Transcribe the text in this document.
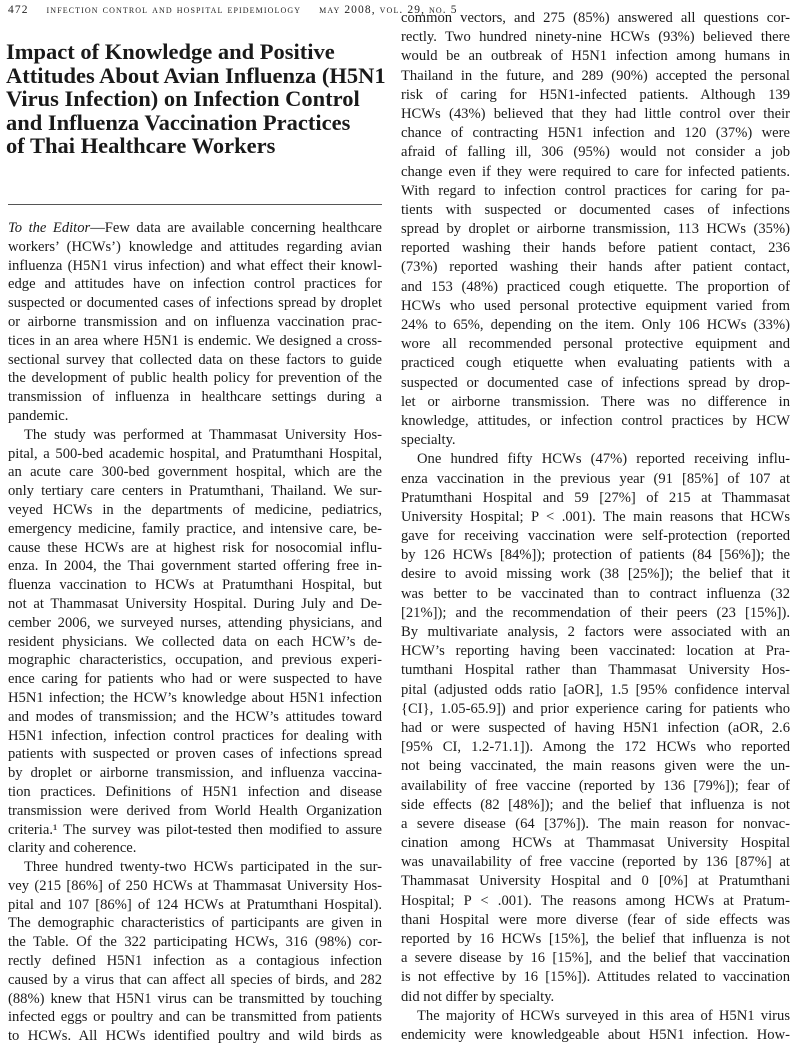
472 infection control and hospital epidemiology may 2008, vol. 29, no. 5
Impact of Knowledge and Positive
Attitudes About Avian Influenza (H5N1
Virus Infection) on Infection Control
and Influenza Vaccination Practices
of Thai Healthcare Workers
To the Editor—Few data are available concerning healthcare
workers’ (HCWs’) knowledge and attitudes regarding avian
influenza (H5N1 virus infection) and what effect their knowl-
edge and attitudes have on infection control practices for
suspected or documented cases of infections spread by droplet
or airborne transmission and on influenza vaccination prac-
tices in an area where H5N1 is endemic. We designed a cross-
sectional survey that collected data on these factors to guide
the development of public health policy for prevention of the
transmission of influenza in healthcare settings during a
pandemic.
The study was performed at Thammasat University Hos-
pital, a 500-bed academic hospital, and Pratumthani Hospital,
an acute care 300-bed government hospital, which are the
only tertiary care centers in Pratumthani, Thailand. We sur-
veyed HCWs in the departments of medicine, pediatrics,
emergency medicine, family practice, and intensive care, be-
cause these HCWs are at highest risk for nosocomial influ-
enza. In 2004, the Thai government started offering free in-
fluenza vaccination to HCWs at Pratumthani Hospital, but
not at Thammasat University Hospital. During July and De-
cember 2006, we surveyed nurses, attending physicians, and
resident physicians. We collected data on each HCW’s de-
mographic characteristics, occupation, and previous experi-
ence caring for patients who had or were suspected to have
H5N1 infection; the HCW’s knowledge about H5N1 infection
and modes of transmission; and the HCW’s attitudes toward
H5N1 infection, infection control practices for dealing with
patients with suspected or proven cases of infections spread
by droplet or airborne transmission, and influenza vaccina-
tion practices. Definitions of H5N1 infection and disease
transmission were derived from World Health Organization
criteria.¹ The survey was pilot-tested then modified to assure
clarity and coherence.
Three hundred twenty-two HCWs participated in the sur-
vey (215 [86%] of 250 HCWs at Thammasat University Hos-
pital and 107 [86%] of 124 HCWs at Pratumthani Hospital).
The demographic characteristics of participants are given in
the Table. Of the 322 participating HCWs, 316 (98%) cor-
rectly defined H5N1 infection as a contagious infection
caused by a virus that can affect all species of birds, and 282
(88%) knew that H5N1 virus can be transmitted by touching
infected eggs or poultry and can be transmitted from patients
to HCWs. All HCWs identified poultry and wild birds as
common vectors, and 275 (85%) answered all questions cor-
rectly. Two hundred ninety-nine HCWs (93%) believed there
would be an outbreak of H5N1 infection among humans in
Thailand in the future, and 289 (90%) accepted the personal
risk of caring for H5N1-infected patients. Although 139
HCWs (43%) believed that they had little control over their
chance of contracting H5N1 infection and 120 (37%) were
afraid of falling ill, 306 (95%) would not consider a job
change even if they were required to care for infected patients.
With regard to infection control practices for caring for pa-
tients with suspected or documented cases of infections
spread by droplet or airborne transmission, 113 HCWs (35%)
reported washing their hands before patient contact, 236
(73%) reported washing their hands after patient contact,
and 153 (48%) practiced cough etiquette. The proportion of
HCWs who used personal protective equipment varied from
24% to 65%, depending on the item. Only 106 HCWs (33%)
wore all recommended personal protective equipment and
practiced cough etiquette when evaluating patients with a
suspected or documented case of infections spread by drop-
let or airborne transmission. There was no difference in
knowledge, attitudes, or infection control practices by HCW
specialty.
One hundred fifty HCWs (47%) reported receiving influ-
enza vaccination in the previous year (91 [85%] of 107 at
Pratumthani Hospital and 59 [27%] of 215 at Thammasat
University Hospital; P < .001). The main reasons that HCWs
gave for receiving vaccination were self-protection (reported
by 126 HCWs [84%]); protection of patients (84 [56%]); the
desire to avoid missing work (38 [25%]); the belief that it
was better to be vaccinated than to contract influenza (32
[21%]); and the recommendation of their peers (23 [15%]).
By multivariate analysis, 2 factors were associated with an
HCW’s reporting having been vaccinated: location at Pra-
tumthani Hospital rather than Thammasat University Hos-
pital (adjusted odds ratio [aOR], 1.5 [95% confidence interval
{CI}, 1.05-65.9]) and prior experience caring for patients who
had or were suspected of having H5N1 infection (aOR, 2.6
[95% CI, 1.2-71.1]). Among the 172 HCWs who reported
not being vaccinated, the main reasons given were the un-
availability of free vaccine (reported by 136 [79%]); fear of
side effects (82 [48%]); and the belief that influenza is not
a severe disease (64 [37%]). The main reason for nonvac-
cination among HCWs at Thammasat University Hospital
was unavailability of free vaccine (reported by 136 [87%] at
Thammasat University Hospital and 0 [0%] at Pratumthani
Hospital; P < .001). The reasons among HCWs at Pratum-
thani Hospital were more diverse (fear of side effects was
reported by 16 HCWs [15%], the belief that influenza is not
a severe disease by 16 [15%], and the belief that vaccination
is not effective by 16 [15%]). Attitudes related to vaccination
did not differ by specialty.
The majority of HCWs surveyed in this area of H5N1 virus
endemicity were knowledgeable about H5N1 infection. How-
